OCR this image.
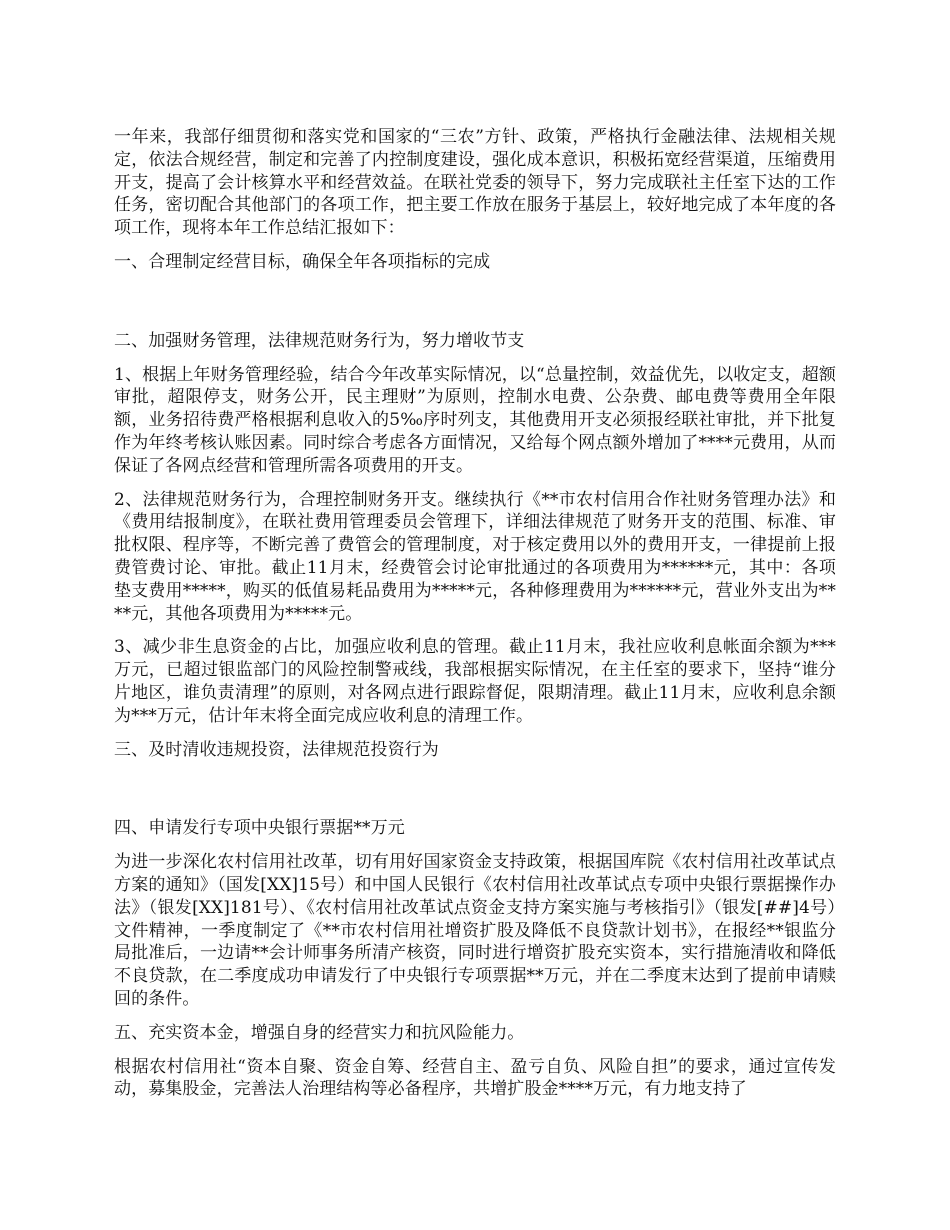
一年来，我部仔细贯彻和落实党和国家的“三农”方针、政策，严格执行金融法律、法规相关规定，依法合规经营，制定和完善了内控制度建设，强化成本意识，积极拓宽经营渠道，压缩费用开支，提高了会计核算水平和经营效益。在联社党委的领导下，努力完成联社主任室下达的工作任务，密切配合其他部门的各项工作，把主要工作放在服务于基层上，较好地完成了本年度的各项工作，现将本年工作总结汇报如下：

一、合理制定经营目标，确保全年各项指标的完成

二、加强财务管理，法律规范财务行为，努力增收节支

1、根据上年财务管理经验，结合今年改革实际情况，以“总量控制，效益优先，以收定支，超额审批，超限停支，财务公开，民主理财”为原则，控制水电费、公杂费、邮电费等费用全年限额，业务招待费严格根据利息收入的5‰序时列支，其他费用开支必须报经联社审批，并下批复作为年终考核认账因素。同时综合考虑各方面情况，又给每个网点额外增加了****元费用，从而保证了各网点经营和管理所需各项费用的开支。

2、法律规范财务行为，合理控制财务开支。继续执行《**市农村信用合作社财务管理办法》和《费用结报制度》，在联社费用管理委员会管理下，详细法律规范了财务开支的范围、标准、审批权限、程序等，不断完善了费管会的管理制度，对于核定费用以外的费用开支，一律提前上报费管费讨论、审批。截止11月末，经费管会讨论审批通过的各项费用为******元，其中：各项垫支费用*****，购买的低值易耗品费用为*****元，各种修理费用为******元，营业外支出为****元，其他各项费用为*****元。

3、减少非生息资金的占比，加强应收利息的管理。截止11月末，我社应收利息帐面余额为***万元，已超过银监部门的风险控制警戒线，我部根据实际情况，在主任室的要求下，坚持“谁分片地区，谁负责清理”的原则，对各网点进行跟踪督促，限期清理。截止11月末，应收利息余额为***万元，估计年末将全面完成应收利息的清理工作。

三、及时清收违规投资，法律规范投资行为

四、申请发行专项中央银行票据**万元

为进一步深化农村信用社改革，切有用好国家资金支持政策，根据国库院《农村信用社改革试点方案的通知》（国发[XX]15号）和中国人民银行《农村信用社改革试点专项中央银行票据操作办法》（银发[XX]181号）、《农村信用社改革试点资金支持方案实施与考核指引》（银发[##]4号）文件精神，一季度制定了《**市农村信用社增资扩股及降低不良贷款计划书》，在报经**银监分局批准后，一边请**会计师事务所清产核资，同时进行增资扩股充实资本，实行措施清收和降低不良贷款，在二季度成功申请发行了中央银行专项票据**万元，并在二季度末达到了提前申请赎回的条件。

五、充实资本金，增强自身的经营实力和抗风险能力。

根据农村信用社“资本自聚、资金自筹、经营自主、盈亏自负、风险自担”的要求，通过宣传发动，募集股金，完善法人治理结构等必备程序，共增扩股金****万元，有力地支持了
